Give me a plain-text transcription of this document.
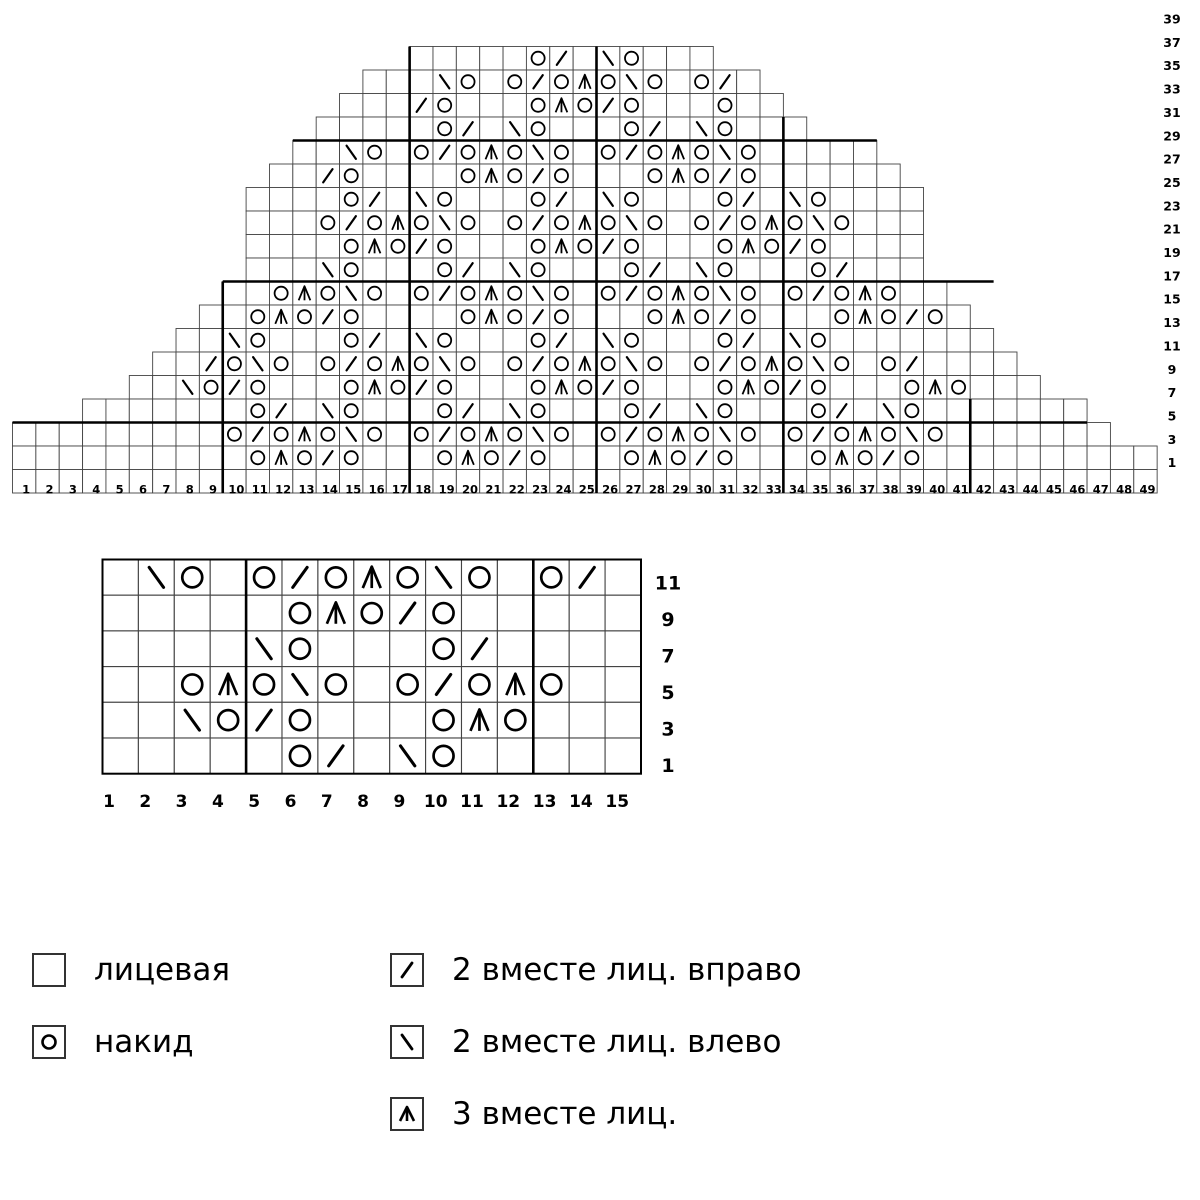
39
37
35
33
31
29
27
25
23
21
19
17
15
13
11
9
7
5
3
1
1 2 3 4 5 6 7 8 9 10 11 12 13 14 15 16 17 18 19 20 21 22 23 24 25 26 27 28 29 30 31 32 33 34 35 36 37 38 39 40 41 42 43 44 45 46 47 48 49
11
9
7
5
3
1
1 2 3 4 5 6 7 8 9 10 11 12 13 14 15
лицевая
накид
2 вместе лиц. вправо
2 вместе лиц. влево
3 вместе лиц.
